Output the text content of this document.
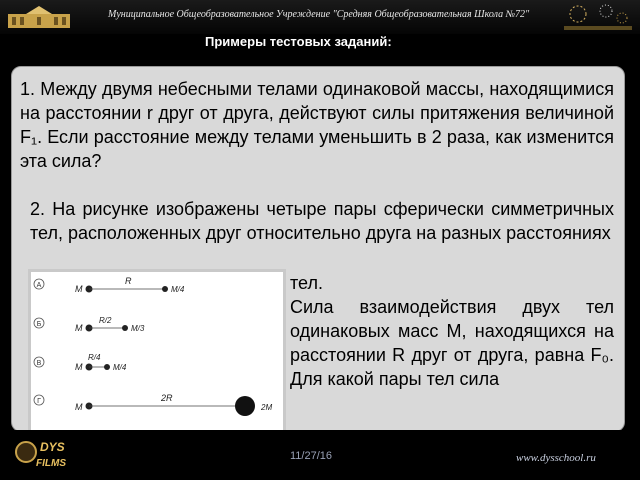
Муниципальное Общеобразовательное Учреждение "Средняя Общеобразовательная Школа №72"
Примеры тестовых заданий:
1. Между двумя небесными телами одинаковой массы, находящимися на расстоянии r друг от друга, действуют силы притяжения величиной F₁. Если расстояние между телами уменьшить в 2 раза, как изменится эта сила?
2. На рисунке изображены четыре пары сферически симметричных тел, расположенных друг относительно друга на разных расстояниях
А	M
R
M/4
Б	M
R/2
M/3
В	M
R/4
M/4
Г
M
2R
2M
тел.
Сила взаимодействия двух тел одинаковых масс M, находящихся на расстоянии R друг от друга, равна F₀. Для какой пары тел сила
DYS
FILMS
11/27/16	www.dysschool.ru
